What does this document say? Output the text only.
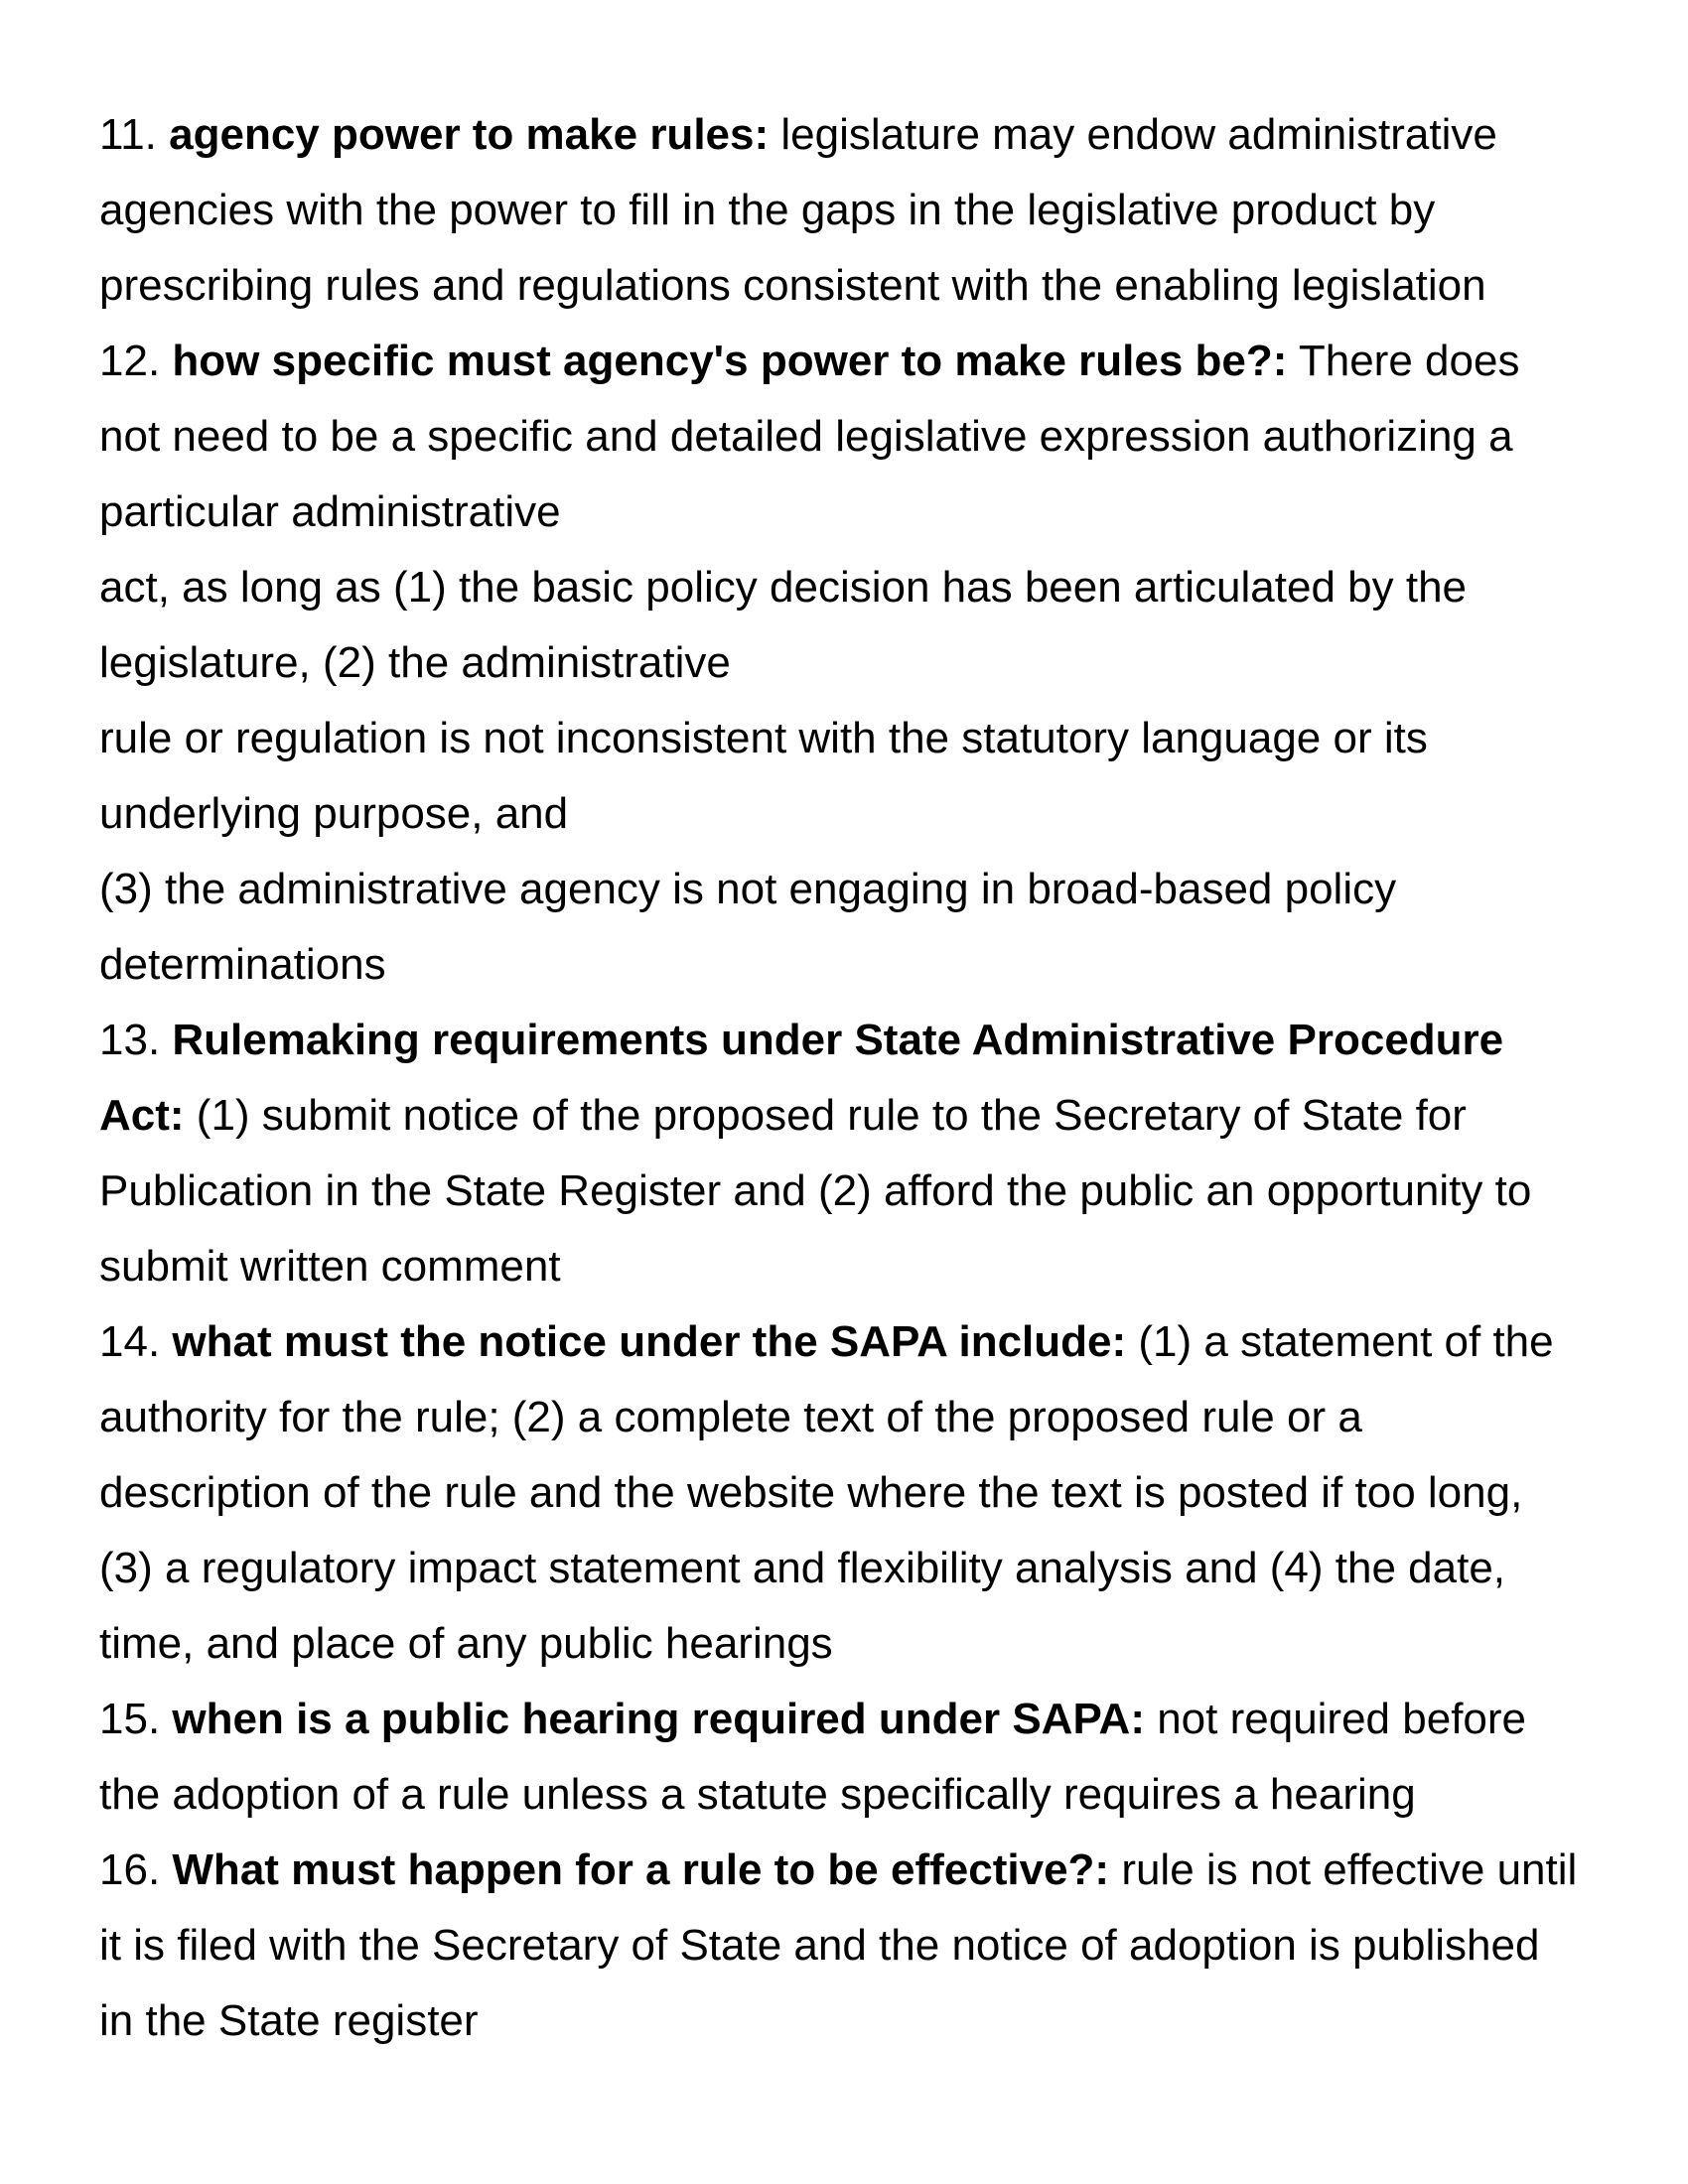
11. agency power to make rules: legislature may endow administrative
agencies with the power to fill in the gaps in the legislative product by
prescribing rules and regulations consistent with the enabling legislation
12. how specific must agency's power to make rules be?: There does
not need to be a specific and detailed legislative expression authorizing a
particular administrative
act, as long as (1) the basic policy decision has been articulated by the
legislature, (2) the administrative
rule or regulation is not inconsistent with the statutory language or its
underlying purpose, and
(3) the administrative agency is not engaging in broad-based policy
determinations
13. Rulemaking requirements under State Administrative Procedure
Act: (1) submit notice of the proposed rule to the Secretary of State for
Publication in the State Register and (2) afford the public an opportunity to
submit written comment
14. what must the notice under the SAPA include: (1) a statement of the
authority for the rule; (2) a complete text of the proposed rule or a
description of the rule and the website where the text is posted if too long,
(3) a regulatory impact statement and flexibility analysis and (4) the date,
time, and place of any public hearings
15. when is a public hearing required under SAPA: not required before
the adoption of a rule unless a statute specifically requires a hearing
16. What must happen for a rule to be effective?: rule is not effective until
it is filed with the Secretary of State and the notice of adoption is published
in the State register
